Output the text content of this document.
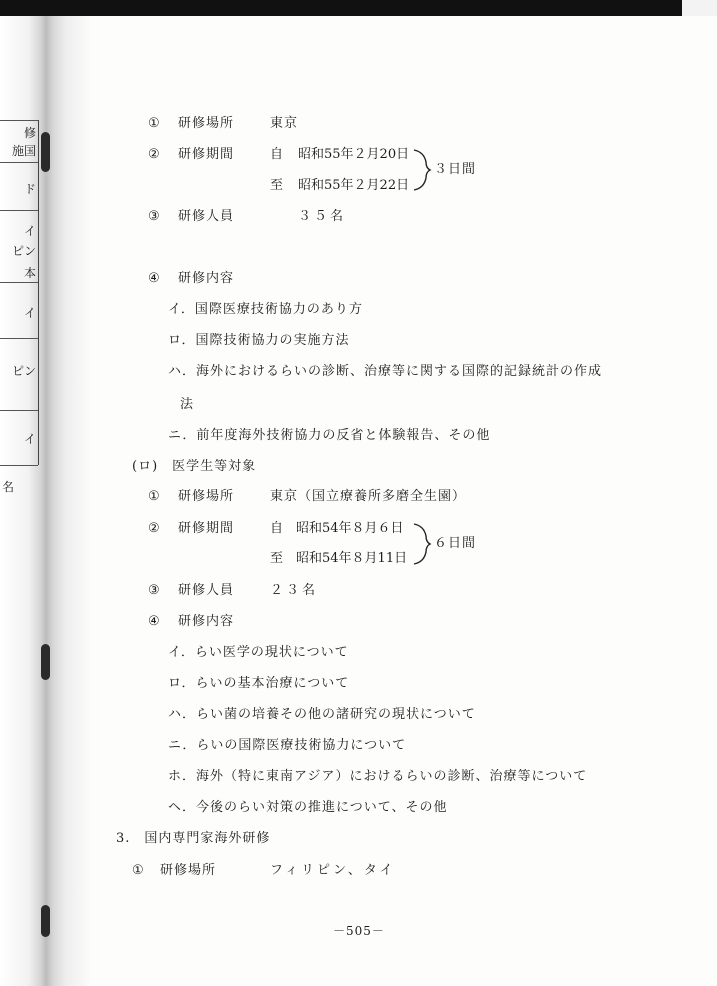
修
施国
ド
イ
ピン
本
イ
ピン
イ
名
① 研修場所	東京
② 研修期間	自 昭和55年２月20日
至 昭和55年２月22日
３日間
③ 研修人員	３５名
④ 研修内容
イ．国際医療技術協力のあり方
ロ．国際技術協力の実施方法
ハ．海外におけるらいの診断、治療等に関する国際的記録統計の作成
法
ニ．前年度海外技術協力の反省と体験報告、その他
(ロ)　医学生等対象
① 研修場所	東京（国立療養所多磨全生園）
② 研修期間	自 昭和54年８月６日
至 昭和54年８月11日
６日間
③ 研修人員	２３名
④ 研修内容
イ．らい医学の現状について
ロ．らいの基本治療について
ハ．らい菌の培養その他の諸研究の現状について
ニ．らいの国際医療技術協力について
ホ．海外（特に東南アジア）におけるらいの診断、治療等について
ヘ．今後のらい対策の推進について、その他
3.　国内専門家海外研修
① 研修場所	フィリピン、タイ
－505－
